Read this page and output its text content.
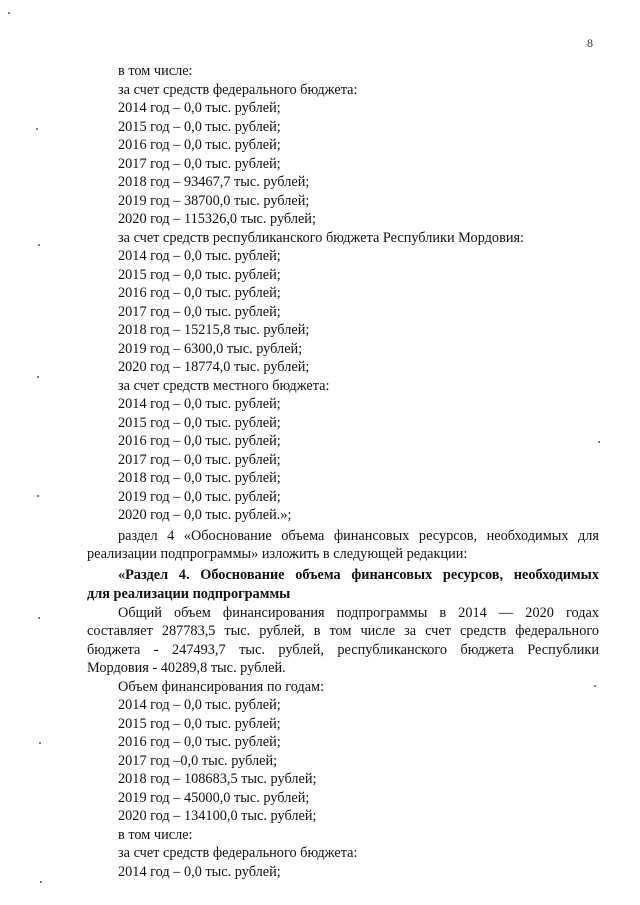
8
в том числе:
за счет средств федерального бюджета:
2014 год – 0,0 тыс. рублей;
2015 год – 0,0 тыс. рублей;
2016 год – 0,0 тыс. рублей;
2017 год – 0,0 тыс. рублей;
2018 год – 93467,7 тыс. рублей;
2019 год – 38700,0 тыс. рублей;
2020 год – 115326,0 тыс. рублей;
за счет средств республиканского бюджета Республики Мордовия:
2014 год – 0,0 тыс. рублей;
2015 год – 0,0 тыс. рублей;
2016 год – 0,0 тыс. рублей;
2017 год – 0,0 тыс. рублей;
2018 год – 15215,8 тыс. рублей;
2019 год – 6300,0 тыс. рублей;
2020 год – 18774,0 тыс. рублей;
за счет средств местного бюджета:
2014 год – 0,0 тыс. рублей;
2015 год – 0,0 тыс. рублей;
2016 год – 0,0 тыс. рублей;
2017 год – 0,0 тыс. рублей;
2018 год – 0,0 тыс. рублей;
2019 год – 0,0 тыс. рублей;
2020 год – 0,0 тыс. рублей.»;
раздел 4 «Обоснование объема финансовых ресурсов, необходимых для
реализации подпрограммы» изложить в следующей редакции:
«Раздел 4. Обоснование объема финансовых ресурсов, необходимых
для реализации подпрограммы
Общий объем финансирования подпрограммы в 2014 — 2020 годах
составляет 287783,5 тыс. рублей, в том числе за счет средств федерального
бюджета - 247493,7 тыс. рублей, республиканского бюджета Республики
Мордовия - 40289,8 тыс. рублей.
Объем финансирования по годам:
2014 год – 0,0 тыс. рублей;
2015 год – 0,0 тыс. рублей;
2016 год – 0,0 тыс. рублей;
2017 год –0,0 тыс. рублей;
2018 год – 108683,5 тыс. рублей;
2019 год – 45000,0 тыс. рублей;
2020 год – 134100,0 тыс. рублей;
в том числе:
за счет средств федерального бюджета:
2014 год – 0,0 тыс. рублей;
